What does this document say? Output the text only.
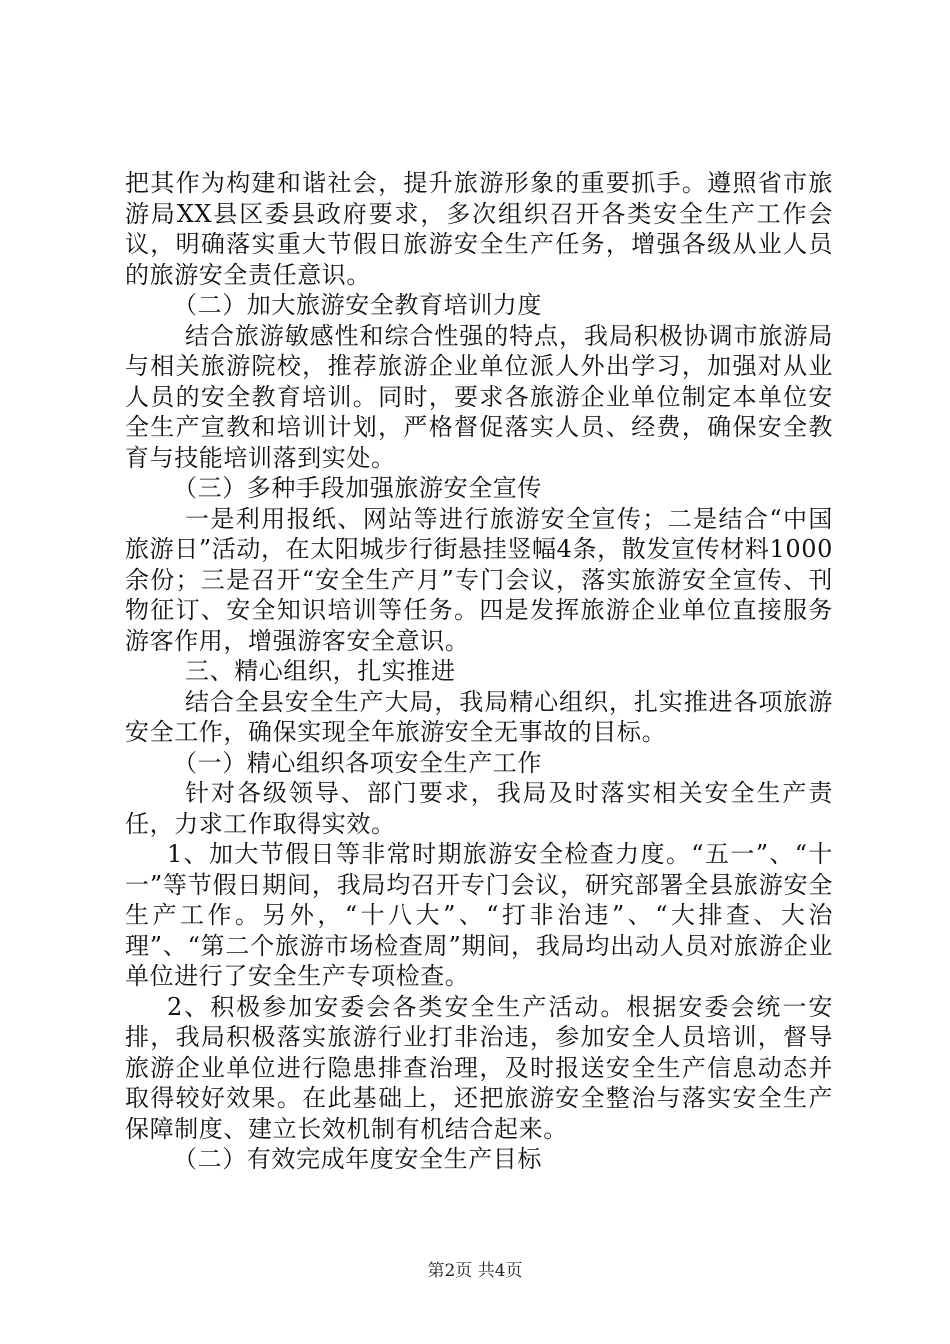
把其作为构建和谐社会，提升旅游形象的重要抓手。遵照省市旅游局XX县区委县政府要求，多次组织召开各类安全生产工作会议，明确落实重大节假日旅游安全生产任务，增强各级从业人员的旅游安全责任意识。

（二）加大旅游安全教育培训力度

结合旅游敏感性和综合性强的特点，我局积极协调市旅游局与相关旅游院校，推荐旅游企业单位派人外出学习，加强对从业人员的安全教育培训。同时，要求各旅游企业单位制定本单位安全生产宣教和培训计划，严格督促落实人员、经费，确保安全教育与技能培训落到实处。

（三）多种手段加强旅游安全宣传

一是利用报纸、网站等进行旅游安全宣传；二是结合“中国旅游日”活动，在太阳城步行街悬挂竖幅4条，散发宣传材料1000余份；三是召开“安全生产月”专门会议，落实旅游安全宣传、刊物征订、安全知识培训等任务。四是发挥旅游企业单位直接服务游客作用，增强游客安全意识。

三、精心组织，扎实推进

结合全县安全生产大局，我局精心组织，扎实推进各项旅游安全工作，确保实现全年旅游安全无事故的目标。

（一）精心组织各项安全生产工作

针对各级领导、部门要求，我局及时落实相关安全生产责任，力求工作取得实效。

1、加大节假日等非常时期旅游安全检查力度。“五一”、“十一”等节假日期间，我局均召开专门会议，研究部署全县旅游安全生产工作。另外，“十八大”、“打非治违”、“大排查、大治理”、“第二个旅游市场检查周”期间，我局均出动人员对旅游企业单位进行了安全生产专项检查。

2、积极参加安委会各类安全生产活动。根据安委会统一安排，我局积极落实旅游行业打非治违，参加安全人员培训，督导旅游企业单位进行隐患排查治理，及时报送安全生产信息动态并取得较好效果。在此基础上，还把旅游安全整治与落实安全生产保障制度、建立长效机制有机结合起来。

（二）有效完成年度安全生产目标

第2页 共4页
